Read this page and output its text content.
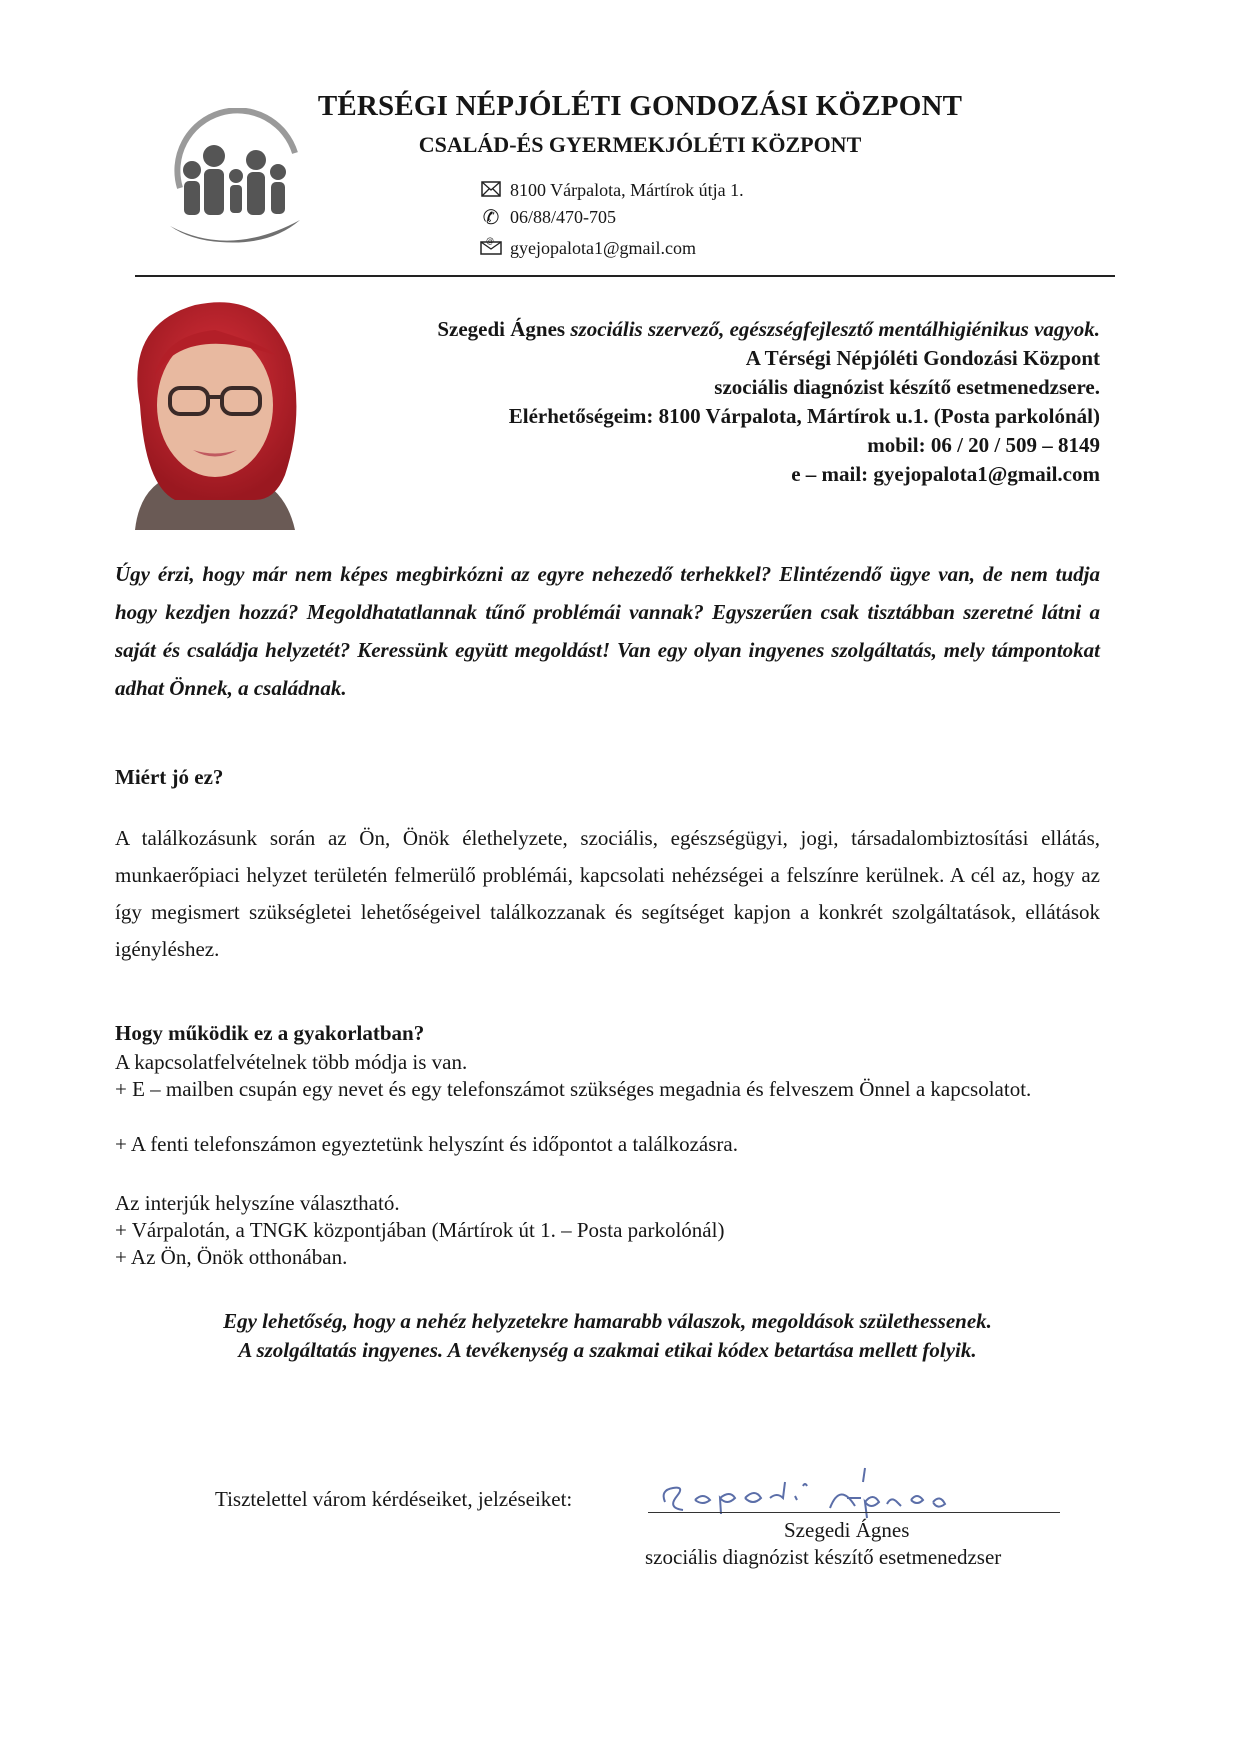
TÉRSÉGI NÉPJÓLÉTI GONDOZÁSI KÖZPONT
CSALÁD-ÉS GYERMEKJÓLÉTI KÖZPONT
8100 Várpalota, Mártírok útja 1.
✆ 06/88/470-705
@ gyejopalota1@gmail.com
Szegedi Ágnes szociális szervező, egészségfejlesztő mentálhigiénikus vagyok.
A Térségi Népjóléti Gondozási Központ
szociális diagnózist készítő esetmenedzsere.
Elérhetőségeim: 8100 Várpalota, Mártírok u.1. (Posta parkolónál)
mobil: 06 / 20 / 509 – 8149
e – mail: gyejopalota1@gmail.com
Úgy érzi, hogy már nem képes megbirkózni az egyre nehezedő terhekkel? Elintézendő ügye van, de nem tudja hogy kezdjen hozzá? Megoldhatatlannak tűnő problémái vannak? Egyszerűen csak tisztábban szeretné látni a saját és családja helyzetét? Keressünk együtt megoldást! Van egy olyan ingyenes szolgáltatás, mely támpontokat adhat Önnek, a családnak.
Miért jó ez?
A találkozásunk során az Ön, Önök élethelyzete, szociális, egészségügyi, jogi, társadalombiztosítási ellátás, munkaerőpiaci helyzet területén felmerülő problémái, kapcsolati nehézségei a felszínre kerülnek. A cél az, hogy az így megismert szükségletei lehetőségeivel találkozzanak és segítséget kapjon a konkrét szolgáltatások, ellátások igényléshez.
Hogy működik ez a gyakorlatban?
A kapcsolatfelvételnek több módja is van.
+ E – mailben csupán egy nevet és egy telefonszámot szükséges megadnia és felveszem Önnel a kapcsolatot.
+ A fenti telefonszámon egyeztetünk helyszínt és időpontot a találkozásra.
Az interjúk helyszíne választható.
+ Várpalotán, a TNGK központjában (Mártírok út 1. – Posta parkolónál)
+ Az Ön, Önök otthonában.
Egy lehetőség, hogy a nehéz helyzetekre hamarabb válaszok, megoldások születhessenek.
A szolgáltatás ingyenes. A tevékenység a szakmai etikai kódex betartása mellett folyik.
Tisztelettel várom kérdéseiket, jelzéseiket:
Szegedi Ágnes
szociális diagnózist készítő esetmenedzser
